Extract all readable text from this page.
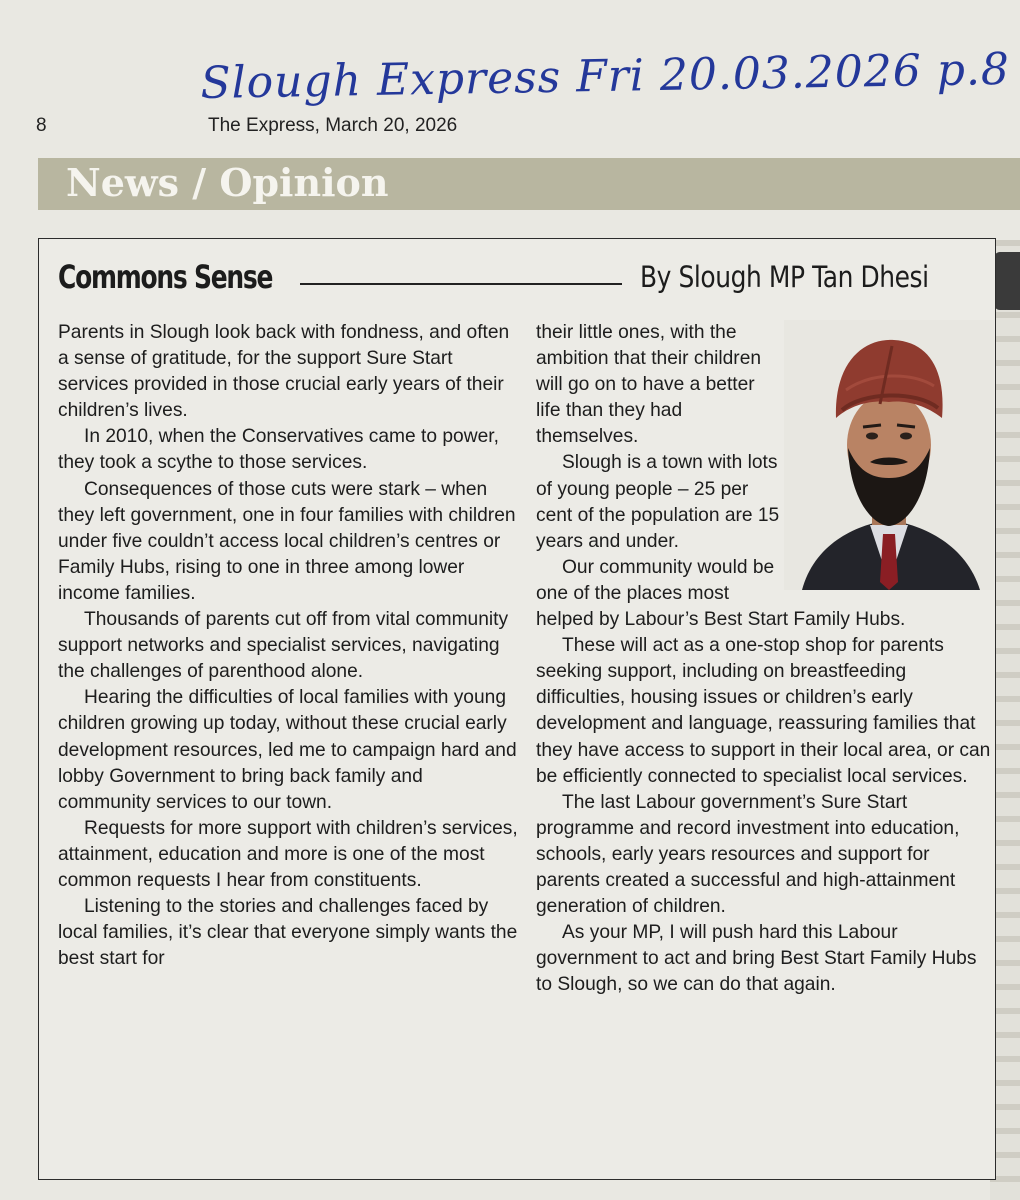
Slough Express Fri 20.03.2026 p.8
8	The Express, March 20, 2026
News / Opinion
Commons Sense	By Slough MP Tan Dhesi

Parents in Slough look back with fondness, and often a sense of gratitude, for the support Sure Start services provided in those crucial early years of their children’s lives.

In 2010, when the Conservatives came to power, they took a scythe to those services.

Consequences of those cuts were stark – when they left government, one in four families with children under five couldn’t access local children’s centres or Family Hubs, rising to one in three among lower income families.

Thousands of parents cut off from vital community support networks and specialist services, navigating the challenges of parenthood alone.

Hearing the difficulties of local families with young children growing up today, without these crucial early development resources, led me to campaign hard and lobby Government to bring back family and community services to our town.

Requests for more support with children’s services, attainment, education and more is one of the most common requests I hear from constituents.

Listening to the stories and challenges faced by local families, it’s clear that everyone simply wants the best start for

their little ones, with the ambition that their children will go on to have a better life than they had themselves.

Slough is a town with lots of young people – 25 per cent of the population are 15 years and under.

Our community would be one of the places most helped by Labour’s Best Start Family Hubs.

These will act as a one-stop shop for parents seeking support, including on breastfeeding difficulties, housing issues or children’s early development and language, reassuring families that they have access to support in their local area, or can be efficiently connected to specialist local services.

The last Labour government’s Sure Start programme and record investment into education, schools, early years resources and support for parents created a successful and high-attainment generation of children.

As your MP, I will push hard this Labour government to act and bring Best Start Family Hubs to Slough, so we can do that again.
